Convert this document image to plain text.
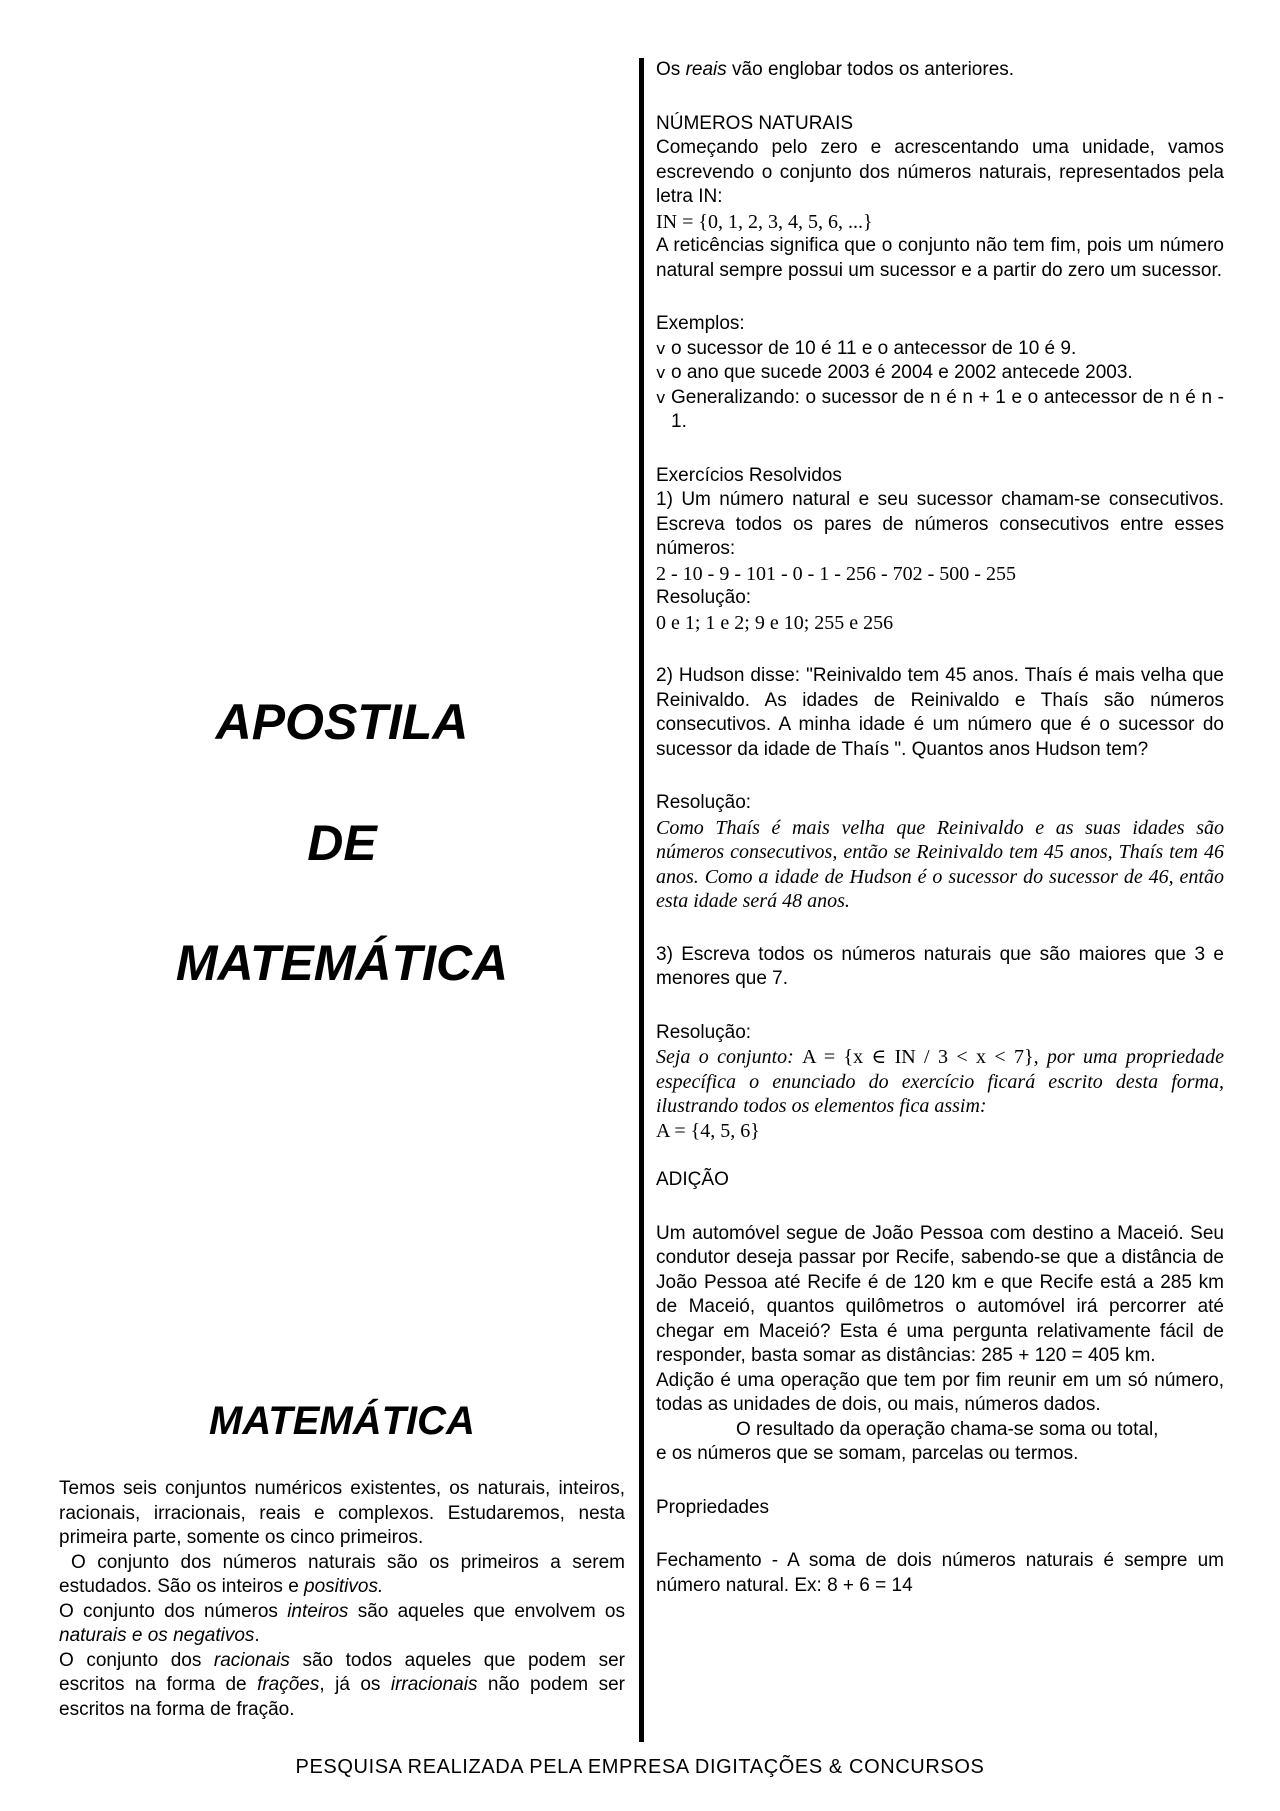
APOSTILA
DE
MATEMÁTICA
MATEMÁTICA

Temos seis conjuntos numéricos existentes, os naturais, inteiros, racionais, irracionais, reais e complexos. Estudaremos, nesta primeira parte, somente os cinco primeiros.

O conjunto dos números naturais são os primeiros a serem estudados. São os inteiros e positivos.

O conjunto dos números inteiros são aqueles que envolvem os naturais e os negativos.

O conjunto dos racionais são todos aqueles que podem ser escritos na forma de frações, já os irracionais não podem ser escritos na forma de fração.

Os reais vão englobar todos os anteriores.

NÚMEROS NATURAIS

Começando pelo zero e acrescentando uma unidade, vamos escrevendo o conjunto dos números naturais, representados pela letra IN:

IN = {0, 1, 2, 3, 4, 5, 6, ...}

A reticências significa que o conjunto não tem fim, pois um número natural sempre possui um sucessor e a partir do zero um sucessor.

Exemplos:

v o sucessor de 10 é 11 e o antecessor de 10 é 9.
v o ano que sucede 2003 é 2004 e 2002 antecede 2003.
v Generalizando: o sucessor de n é n + 1 e o antecessor de n é n - 1.

Exercícios Resolvidos

1) Um número natural e seu sucessor chamam-se consecutivos. Escreva todos os pares de números consecutivos entre esses números:

2 - 10 - 9 - 101 - 0 - 1 - 256 - 702 - 500 - 255

Resolução:

0 e 1; 1 e 2; 9 e 10; 255 e 256

2) Hudson disse: "Reinivaldo tem 45 anos. Thaís é mais velha que Reinivaldo. As idades de Reinivaldo e Thaís são números consecutivos. A minha idade é um número que é o sucessor do sucessor da idade de Thaís ". Quantos anos Hudson tem?

Resolução:

Como Thaís é mais velha que Reinivaldo e as suas idades são números consecutivos, então se Reinivaldo tem 45 anos, Thaís tem 46 anos. Como a idade de Hudson é o sucessor do sucessor de 46, então esta idade será 48 anos.

3) Escreva todos os números naturais que são maiores que 3 e menores que 7.

Resolução:

Seja o conjunto: A = {x ∈ IN / 3 < x < 7}, por uma propriedade específica o enunciado do exercício ficará escrito desta forma, ilustrando todos os elementos fica assim:

A = {4, 5, 6}

ADIÇÃO

Um automóvel segue de João Pessoa com destino a Maceió. Seu condutor deseja passar por Recife, sabendo-se que a distância de João Pessoa até Recife é de 120 km e que Recife está a 285 km de Maceió, quantos quilômetros o automóvel irá percorrer até chegar em Maceió? Esta é uma pergunta relativamente fácil de responder, basta somar as distâncias: 285 + 120 = 405 km.

Adição é uma operação que tem por fim reunir em um só número, todas as unidades de dois, ou mais, números dados.

O resultado da operação chama-se soma ou total,

e os números que se somam, parcelas ou termos.

Propriedades

Fechamento - A soma de dois números naturais é sempre um número natural. Ex: 8 + 6 = 14

PESQUISA REALIZADA PELA EMPRESA DIGITAÇÕES & CONCURSOS
